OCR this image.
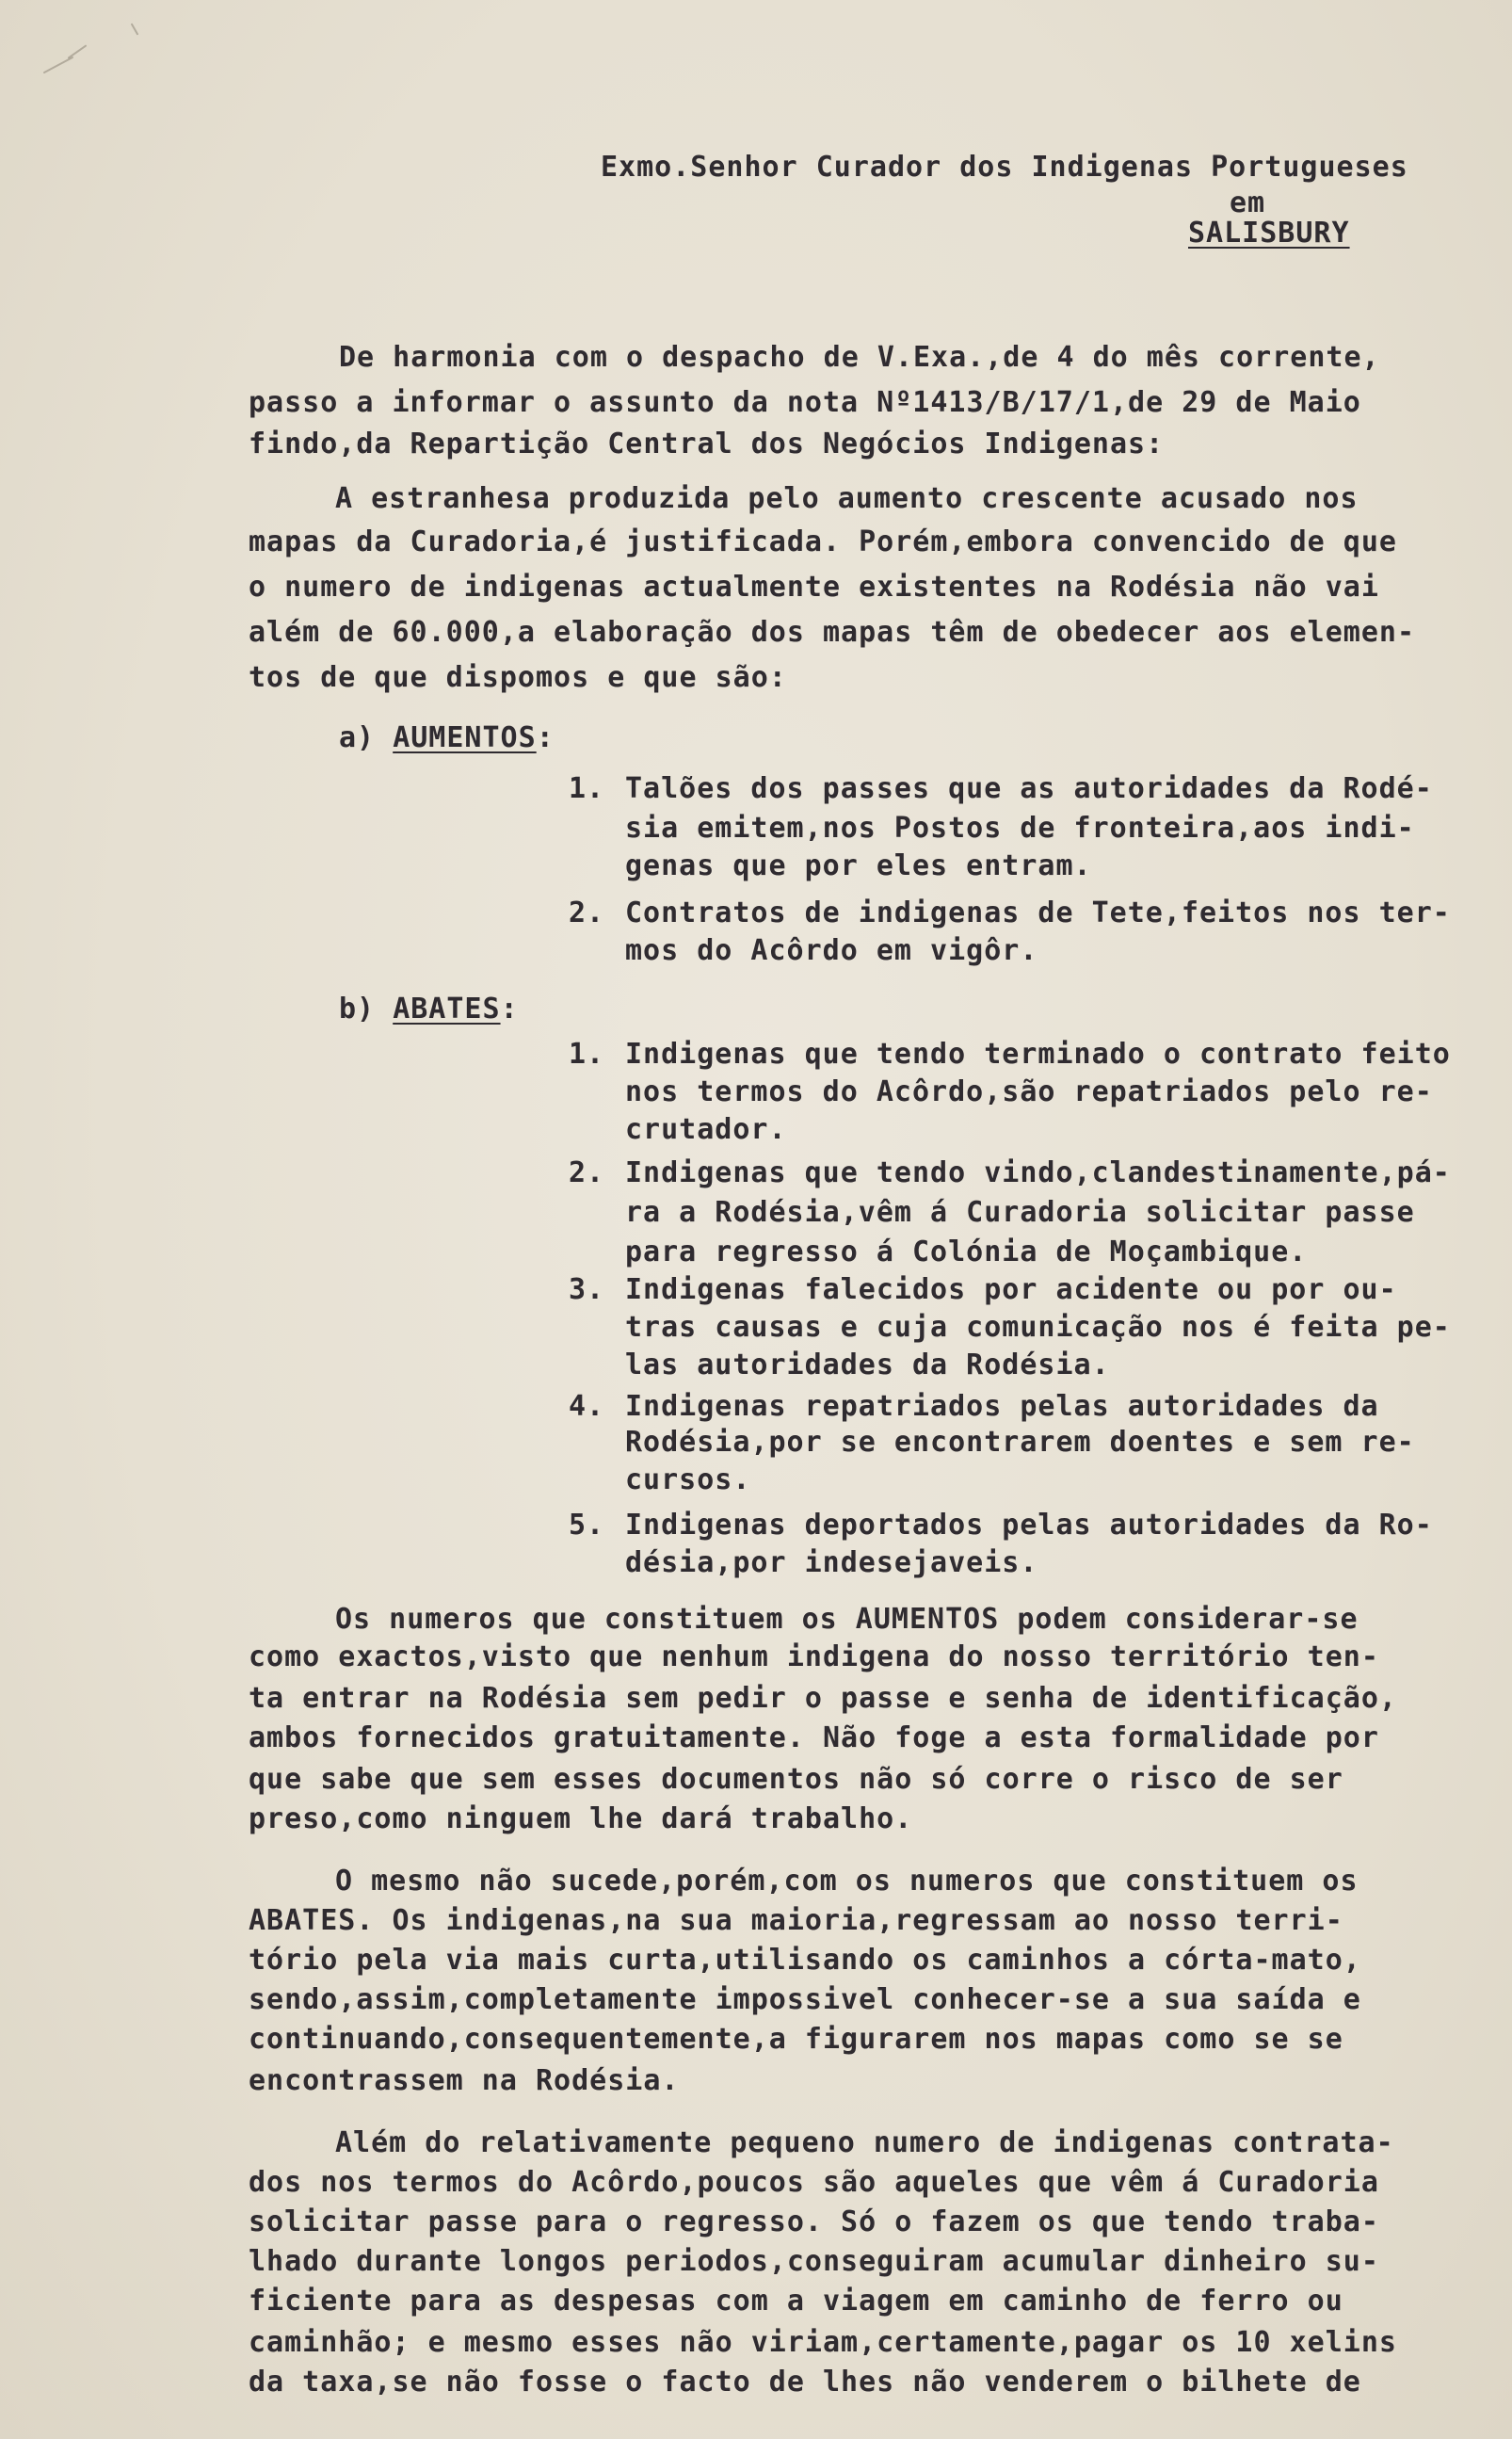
Exmo.Senhor Curador dos Indigenas Portugueses
em
SALISBURY
De harmonia com o despacho de V.Exa.,de 4 do mês corrente,
passo a informar o assunto da nota Nº1413/B/17/1,de 29 de Maio
findo,da Repartição Central dos Negócios Indigenas:
A estranhesa produzida pelo aumento crescente acusado nos
mapas da Curadoria,é justificada. Porém,embora convencido de que
o numero de indigenas actualmente existentes na Rodésia não vai
além de 60.000,a elaboração dos mapas têm de obedecer aos elemen-
tos de que dispomos e que são:
a) AUMENTOS:
1. Talões dos passes que as autoridades da Rodé-
sia emitem,nos Postos de fronteira,aos indi-
genas que por eles entram.
2. Contratos de indigenas de Tete,feitos nos ter-
mos do Acôrdo em vigôr.
b) ABATES:
1. Indigenas que tendo terminado o contrato feito
nos termos do Acôrdo,são repatriados pelo re-
crutador.
2. Indigenas que tendo vindo,clandestinamente,pá-
ra a Rodésia,vêm á Curadoria solicitar passe
para regresso á Colónia de Moçambique.
3. Indigenas falecidos por acidente ou por ou-
tras causas e cuja comunicação nos é feita pe-
las autoridades da Rodésia.
4. Indigenas repatriados pelas autoridades da
Rodésia,por se encontrarem doentes e sem re-
cursos.
5. Indigenas deportados pelas autoridades da Ro-
désia,por indesejaveis.
Os numeros que constituem os AUMENTOS podem considerar-se
como exactos,visto que nenhum indigena do nosso território ten-
ta entrar na Rodésia sem pedir o passe e senha de identificação,
ambos fornecidos gratuitamente. Não foge a esta formalidade por
que sabe que sem esses documentos não só corre o risco de ser
preso,como ninguem lhe dará trabalho.
O mesmo não sucede,porém,com os numeros que constituem os
ABATES. Os indigenas,na sua maioria,regressam ao nosso terri-
tório pela via mais curta,utilisando os caminhos a córta-mato,
sendo,assim,completamente impossivel conhecer-se a sua saída e
continuando,consequentemente,a figurarem nos mapas como se se
encontrassem na Rodésia.
Além do relativamente pequeno numero de indigenas contrata-
dos nos termos do Acôrdo,poucos são aqueles que vêm á Curadoria
solicitar passe para o regresso. Só o fazem os que tendo traba-
lhado durante longos periodos,conseguiram acumular dinheiro su-
ficiente para as despesas com a viagem em caminho de ferro ou
caminhão; e mesmo esses não viriam,certamente,pagar os 10 xelins
da taxa,se não fosse o facto de lhes não venderem o bilhete de
